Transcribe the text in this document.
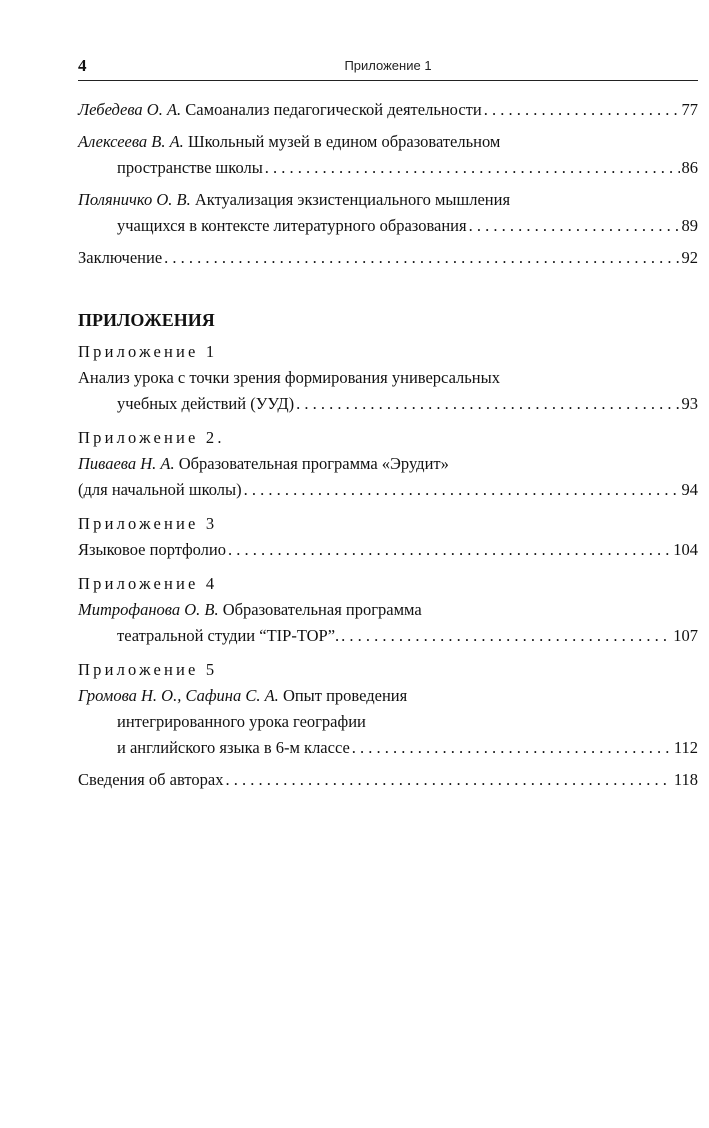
4	Приложение 1
Лебедева О. А. Самоанализ педагогической деятельности . . .	77
Алексеева В. А. Школьный музей в едином образовательном
пространстве школы . . .	86
Поляничко О. В. Актуализация экзистенциального мышления
учащихся в контексте литературного образования . . .	89
Заключение . . .	92
ПРИЛОЖЕНИЯ
Приложение 1
Анализ урока с точки зрения формирования универсальных
учебных действий (УУД) . . .	93
Приложение 2.
Пиваева Н. А. Образовательная программа «Эрудит»
(для начальной школы) . . .	94
Приложение 3
Языковое портфолио . . .	104
Приложение 4
Митрофанова О. В. Образовательная программа
театральной студии “TIP-TOP”. . . .	107
Приложение 5
Громова Н. О., Сафина С. А. Опыт проведения
интегрированного урока географии
и английского языка в 6-м классе . . .	112
Сведения об авторах . . .	118
